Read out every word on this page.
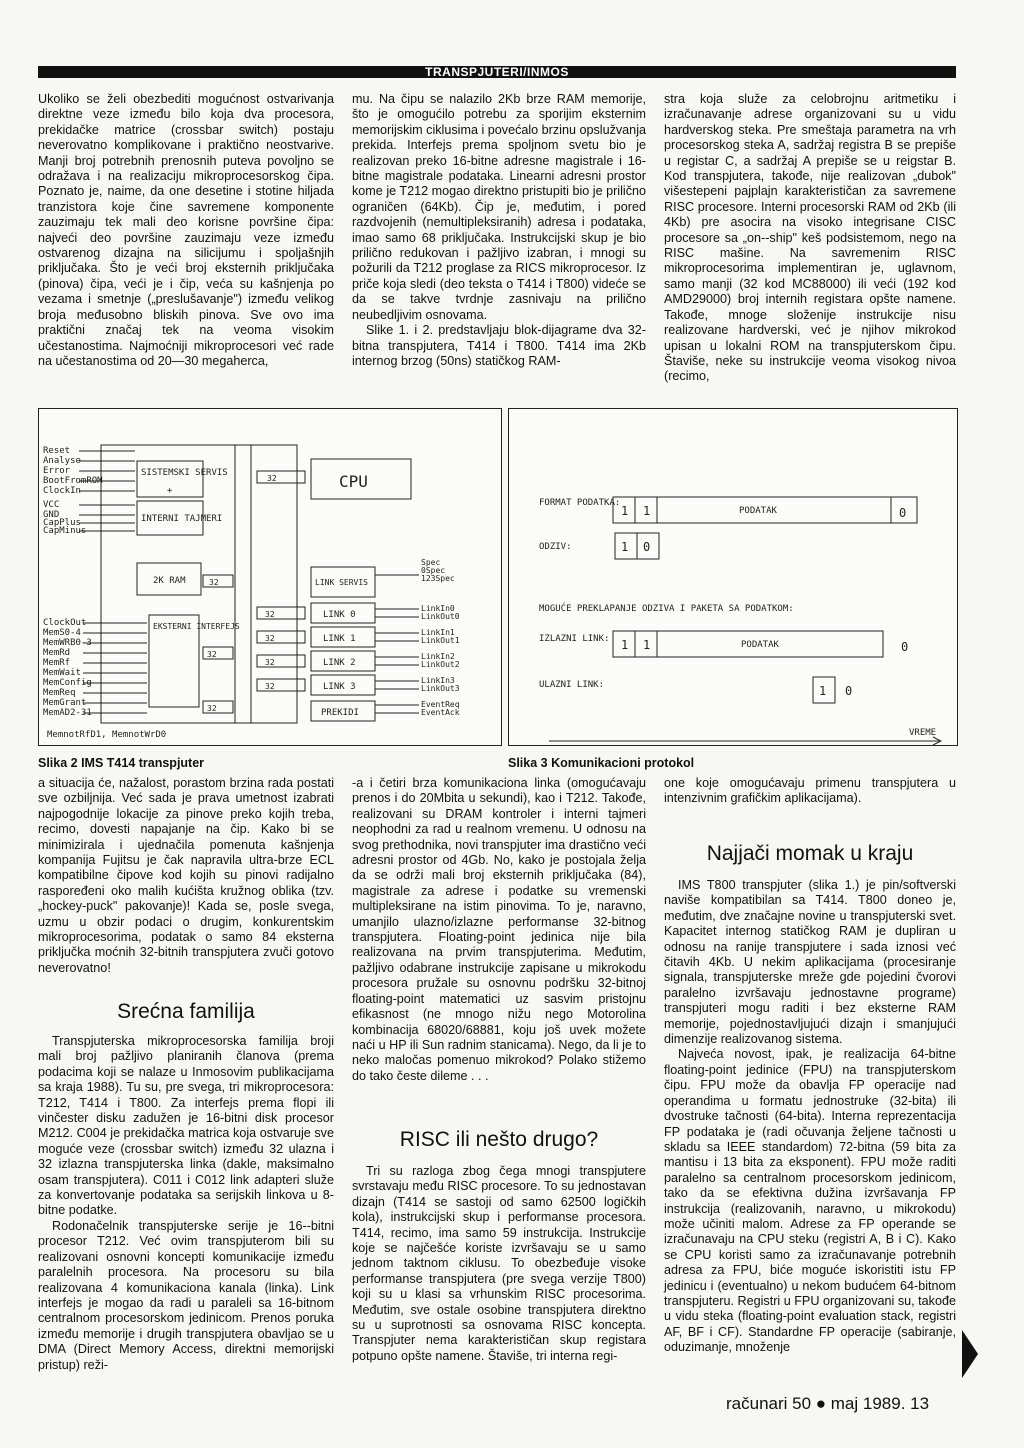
TRANSPJUTERI/INMOS

Ukoliko se želi obezbediti mogućnost ostvarivanja direktne veze između bilo koja dva procesora, prekidačke matrice (crossbar switch) postaju neverovatno komplikovane i praktično neostvarive. Manji broj potrebnih prenosnih puteva povoljno se odražava i na realizaciju mikroprocesorskog čipa. Poznato je, naime, da one desetine i stotine hiljada tranzistora koje čine savremene komponente zauzimaju tek mali deo korisne površine čipa: najveći deo površine zauzimaju veze između ostvarenog dizajna na silicijumu i spoljašnjih priključaka. Što je veći broj eksternih priključaka (pinova) čipa, veći je i čip, veća su kašnjenja po vezama i smetnje („preslušavanje") između velikog broja međusobno bliskih pinova. Sve ovo ima praktični značaj tek na veoma visokim učestanostima. Najmoćniji mikroprocesori već rade na učestanostima od 20—30 megaherca,

mu. Na čipu se nalazilo 2Kb brze RAM memorije, što je omogućilo potrebu za sporijim eksternim memorijskim ciklusima i povećalo brzinu opslužvanja prekida. Interfejs prema spoljnom svetu bio je realizovan preko 16-bitne adresne magistrale i 16-bitne magistrale podataka. Linearni adresni prostor kome je T212 mogao direktno pristupiti bio je prilično ograničen (64Kb). Čip je, međutim, i pored razdvojenih (nemultipleksiranih) adresa i podataka, imao samo 68 priključaka. Instrukcijski skup je bio prilično redukovan i pažljivo izabran, i mnogi su požurili da T212 proglase za RICS mikroprocesor. Iz priče koja sledi (deo teksta o T414 i T800) videće se da se takve tvrdnje zasnivaju na prilično neubedljivim osnovama.

Slike 1. i 2. predstavljaju blok-dijagrame dva 32-bitna transpjutera, T414 i T800. T414 ima 2Kb internog brzog (50ns) statičkog RAM-

stra koja služe za celobrojnu aritmetiku i izračunavanje adrese organizovani su u vidu hardverskog steka. Pre smeštaja parametra na vrh procesorskog steka A, sadržaj registra B se prepiše u registar C, a sadržaj A prepiše se u reigstar B. Kod transpjutera, takođe, nije realizovan „dubok" višestepeni pajplajn karakterističan za savremene RISC procesore. Interni procesorski RAM od 2Kb (ili 4Kb) pre asocira na visoko integrisane CISC procesore sa „on--ship" keš podsistemom, nego na RISC mašine. Na savremenim RISC mikroprocesorima implementiran je, uglavnom, samo manji (32 kod MC88000) ili veći (192 kod AMD29000) broj internih registara opšte namene. Takođe, mnoge složenije instrukcije nisu realizovane hardverski, već je njihov mikrokod upisan u lokalni ROM na transpjuterskom čipu. Štaviše, neke su instrukcije veoma visokog nivoa (recimo,

Reset
Analyse
Error
BootFromROM
ClockIn
VCC
GND
CapPlus
CapMinus
ClockOut
MemS0-4
MemWRB0-3
MemRd
MemRf
MemWait
MemConfig
MemReq
MemGrant
MemAD2-31
MemnotRfD1, MemnotWrD0
SISTEMSKI SERVIS
+
INTERNI TAJMERI
CPU
2K RAM
32
32
32
32
32
32
32
32
EKSTERNI INTERFEJS
LINK SERVIS
LINK 0
LINK 1
LINK 2
LINK 3
PREKIDI
Spec
0Spec
123Spec
LinkIn0
LinkOut0
LinkIn1
LinkOut1
LinkIn2
LinkOut2
LinkIn3
LinkOut3
EventReq
EventAck
Slika 2 IMS T414 transpjuter
FORMAT PODATKA:
1 1	PODATAK	0
ODZIV:	1 0
MOGUĆE PREKLAPANJE ODZIVA I PAKETA SA PODATKOM:
IZLAZNI LINK: 1 1	PODATAK	0
ULAZNI LINK:	1 0
VREME
Slika 3 Komunikacioni protokol

a situacija će, nažalost, porastom brzina rada postati sve ozbiljnija. Već sada je prava umetnost izabrati najpogodnije lokacije za pinove preko kojih treba, recimo, dovesti napajanje na čip. Kako bi se minimizirala i ujednačila pomenuta kašnjenja kompanija Fujitsu je čak napravila ultra-brze ECL kompatibilne čipove kod kojih su pinovi radijalno raspoređeni oko malih kućišta kružnog oblika (tzv. „hockey-puck" pakovanje)! Kada se, posle svega, uzmu u obzir podaci o drugim, konkurentskim mikroprocesorima, podatak o samo 84 eksterna priključka moćnih 32-bitnih transpjutera zvuči gotovo neverovatno!

Srećna familija

Transpjuterska mikroprocesorska familija broji mali broj pažljivo planiranih članova (prema podacima koji se nalaze u Inmosovim publikacijama sa kraja 1988). Tu su, pre svega, tri mikroprocesora: T212, T414 i T800. Za interfejs prema flopi ili vinčester disku zadužen je 16-bitni disk procesor M212. C004 je prekidačka matrica koja ostvaruje sve moguće veze (crossbar switch) između 32 ulazna i 32 izlazna transpjuterska linka (dakle, maksimalno osam transpjutera). C011 i C012 link adapteri služe za konvertovanje podataka sa serijskih linkova u 8-bitne podatke.

Rodonačelnik transpjuterske serije je 16--bitni procesor T212. Već ovim transpjuterom bili su realizovani osnovni koncepti komunikacije između paralelnih procesora. Na procesoru su bila realizovana 4 komunikaciona kanala (linka). Link interfejs je mogao da radi u paraleli sa 16-bitnom centralnom procesorskom jedinicom. Prenos poruka između memorije i drugih transpjutera obavljao se u DMA (Direct Memory Access, direktni memorijski pristup) reži-

-a i četiri brza komunikaciona linka (omogućavaju prenos i do 20Mbita u sekundi), kao i T212. Takođe, realizovani su DRAM kontroler i interni tajmeri neophodni za rad u realnom vremenu. U odnosu na svog prethodnika, novi transpjuter ima drastično veći adresni prostor od 4Gb. No, kako je postojala želja da se održi mali broj eksternih priključaka (84), magistrale za adrese i podatke su vremenski multipleksirane na istim pinovima. To je, naravno, umanjilo ulazno/izlazne performanse 32-bitnog transpjutera. Floating-point jedinica nije bila realizovana na prvim transpjuterima. Međutim, pažljivo odabrane instrukcije zapisane u mikrokodu procesora pružale su osnovnu podršku 32-bitnoj floating-point matematici uz sasvim pristojnu efikasnost (ne mnogo nižu nego Motorolina kombinacija 68020/68881, koju još uvek možete naći u HP ili Sun radnim stanicama). Nego, da li je to neko maločas pomenuo mikrokod? Polako stižemo do tako česte dileme . . .

RISC ili nešto drugo?

Tri su razloga zbog čega mnogi transpjutere svrstavaju među RISC procesore. To su jednostavan dizajn (T414 se sastoji od samo 62500 logičkih kola), instrukcijski skup i performanse procesora. T414, recimo, ima samo 59 instrukcija. Instrukcije koje se najčešće koriste izvršavaju se u samo jednom taktnom ciklusu. To obezbeđuje visoke performanse transpjutera (pre svega verzije T800) koji su u klasi sa vrhunskim RISC procesorima. Međutim, sve ostale osobine transpjutera direktno su u suprotnosti sa osnovama RISC koncepta. Transpjuter nema karakterističan skup registara potpuno opšte namene. Štaviše, tri interna regi-

one koje omogućavaju primenu transpjutera u intenzivnim grafičkim aplikacijama).

Najjači momak u kraju

IMS T800 transpjuter (slika 1.) je pin/softverski naviše kompatibilan sa T414. T800 doneo je, međutim, dve značajne novine u transpjuterski svet. Kapacitet internog statičkog RAM je dupliran u odnosu na ranije transpjutere i sada iznosi već čitavih 4Kb. U nekim aplikacijama (procesiranje signala, transpjuterske mreže gde pojedini čvorovi paralelno izvršavaju jednostavne programe) transpjuteri mogu raditi i bez eksterne RAM memorije, pojednostavljujući dizajn i smanjujući dimenzije realizovanog sistema.

Najveća novost, ipak, je realizacija 64-bitne floating-point jedinice (FPU) na transpjuterskom čipu. FPU može da obavlja FP operacije nad operandima u formatu jednostruke (32-bita) ili dvostruke tačnosti (64-bita). Interna reprezentacija FP podataka je (radi očuvanja željene tačnosti u skladu sa IEEE standardom) 72-bitna (59 bita za mantisu i 13 bita za eksponent). FPU može raditi paralelno sa centralnom procesorskom jedinicom, tako da se efektivna dužina izvršavanja FP instrukcija (realizovanih, naravno, u mikrokodu) može učiniti malom. Adrese za FP operande se izračunavaju na CPU steku (registri A, B i C). Kako se CPU koristi samo za izračunavanje potrebnih adresa za FPU, biće moguće iskoristiti istu FP jedinicu i (eventualno) u nekom budućem 64-bitnom transpjuteru. Registri u FPU organizovani su, takođe u vidu steka (floating-point evaluation stack, registri AF, BF i CF). Standardne FP operacije (sabiranje, oduzimanje, množenje

računari 50 ● maj 1989. 13
